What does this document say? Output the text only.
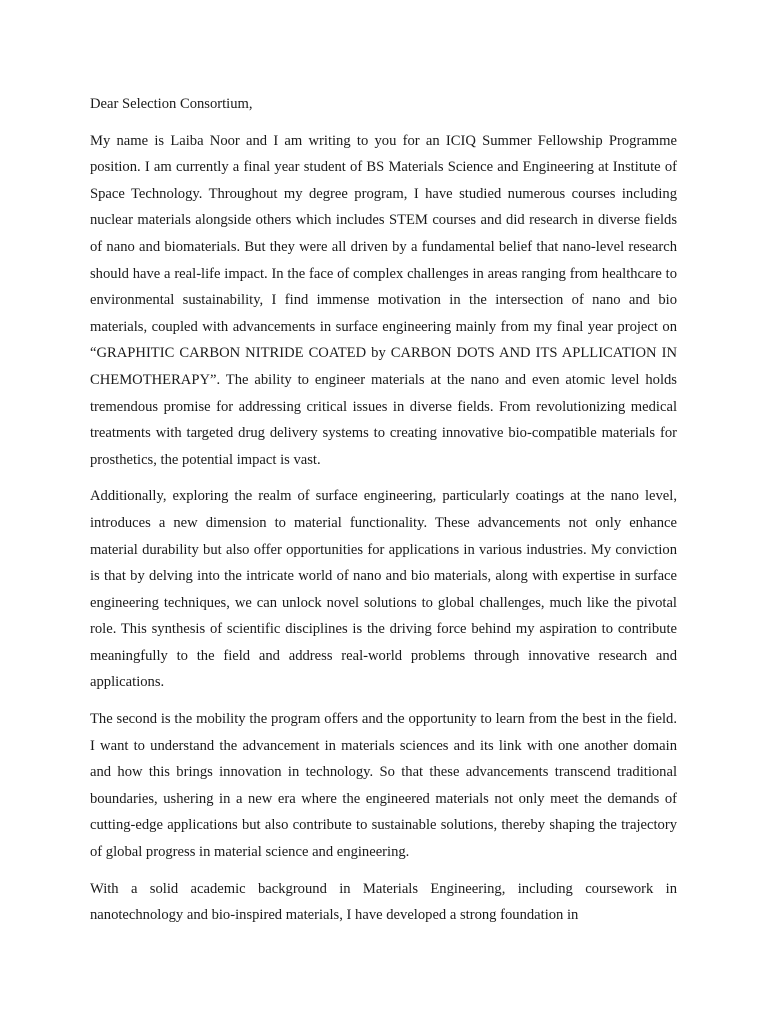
Dear Selection Consortium,

My name is Laiba Noor and I am writing to you for an ICIQ Summer Fellowship Programme position. I am currently a final year student of BS Materials Science and Engineering at Institute of Space Technology. Throughout my degree program, I have studied numerous courses including nuclear materials alongside others which includes STEM courses and did research in diverse fields of nano and biomaterials. But they were all driven by a fundamental belief that nano-level research should have a real-life impact. In the face of complex challenges in areas ranging from healthcare to environmental sustainability, I find immense motivation in the intersection of nano and bio materials, coupled with advancements in surface engineering mainly from my final year project on “GRAPHITIC CARBON NITRIDE COATED by CARBON DOTS AND ITS APLLICATION IN CHEMOTHERAPY”. The ability to engineer materials at the nano and even atomic level holds tremendous promise for addressing critical issues in diverse fields. From revolutionizing medical treatments with targeted drug delivery systems to creating innovative bio-compatible materials for prosthetics, the potential impact is vast.

Additionally, exploring the realm of surface engineering, particularly coatings at the nano level, introduces a new dimension to material functionality. These advancements not only enhance material durability but also offer opportunities for applications in various industries. My conviction is that by delving into the intricate world of nano and bio materials, along with expertise in surface engineering techniques, we can unlock novel solutions to global challenges, much like the pivotal role. This synthesis of scientific disciplines is the driving force behind my aspiration to contribute meaningfully to the field and address real-world problems through innovative research and applications.

The second is the mobility the program offers and the opportunity to learn from the best in the field. I want to understand the advancement in materials sciences and its link with one another domain and how this brings innovation in technology. So that these advancements transcend traditional boundaries, ushering in a new era where the engineered materials not only meet the demands of cutting-edge applications but also contribute to sustainable solutions, thereby shaping the trajectory of global progress in material science and engineering.

With a solid academic background in Materials Engineering, including coursework in nanotechnology and bio-inspired materials, I have developed a strong foundation in
